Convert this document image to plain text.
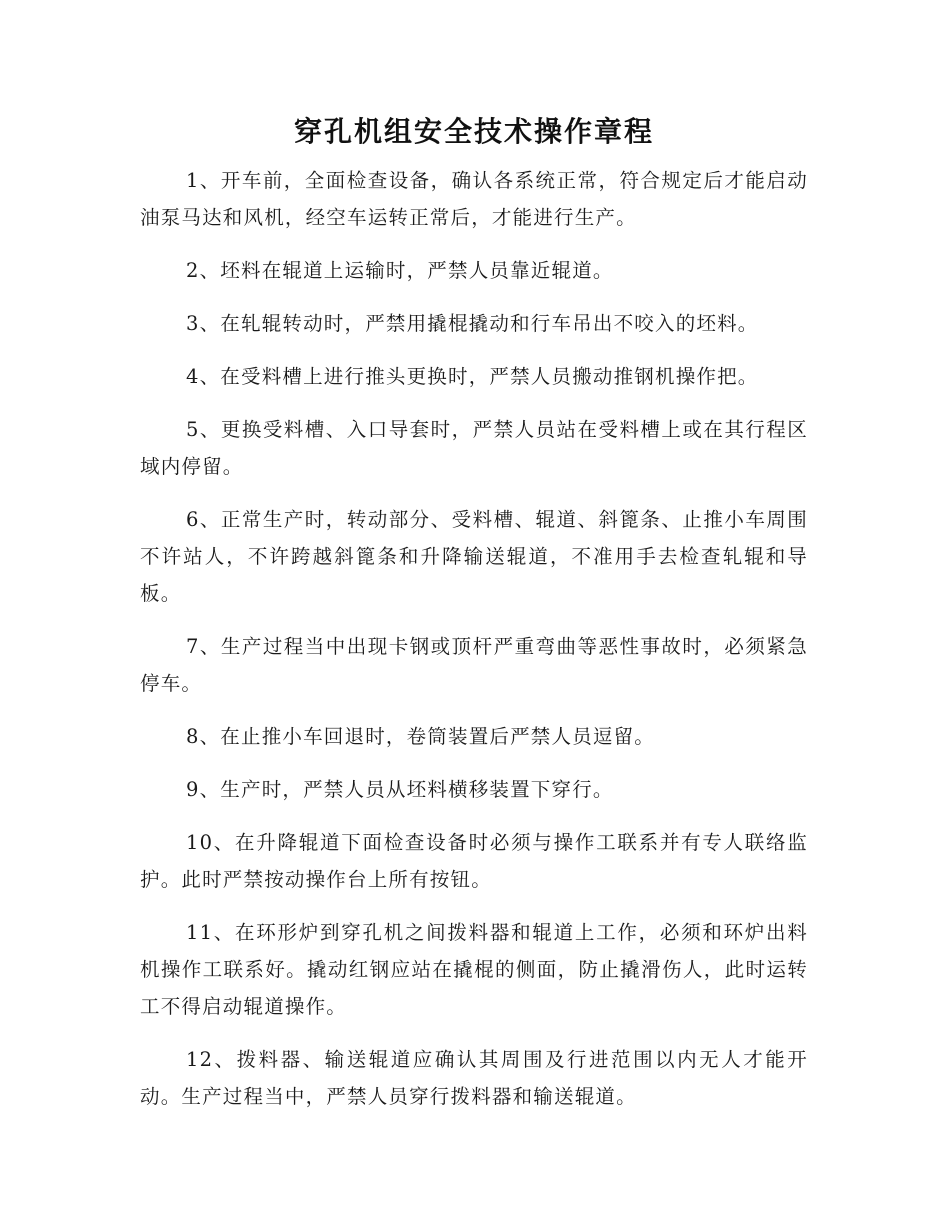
穿孔机组安全技术操作章程

1、开车前，全面检查设备，确认各系统正常，符合规定后才能启动油泵马达和风机，经空车运转正常后，才能进行生产。

2、坯料在辊道上运输时，严禁人员靠近辊道。

3、在轧辊转动时，严禁用撬棍撬动和行车吊出不咬入的坯料。

4、在受料槽上进行推头更换时，严禁人员搬动推钢机操作把。

5、更换受料槽、入口导套时，严禁人员站在受料槽上或在其行程区域内停留。

6、正常生产时，转动部分、受料槽、辊道、斜篦条、止推小车周围不许站人，不许跨越斜篦条和升降输送辊道，不准用手去检查轧辊和导板。

7、生产过程当中出现卡钢或顶杆严重弯曲等恶性事故时，必须紧急停车。

8、在止推小车回退时，卷筒装置后严禁人员逗留。

9、生产时，严禁人员从坯料横移装置下穿行。

10、在升降辊道下面检查设备时必须与操作工联系并有专人联络监护。此时严禁按动操作台上所有按钮。

11、在环形炉到穿孔机之间拨料器和辊道上工作，必须和环炉出料机操作工联系好。撬动红钢应站在撬棍的侧面，防止撬滑伤人，此时运转工不得启动辊道操作。

12、拨料器、输送辊道应确认其周围及行进范围以内无人才能开动。生产过程当中，严禁人员穿行拨料器和输送辊道。
